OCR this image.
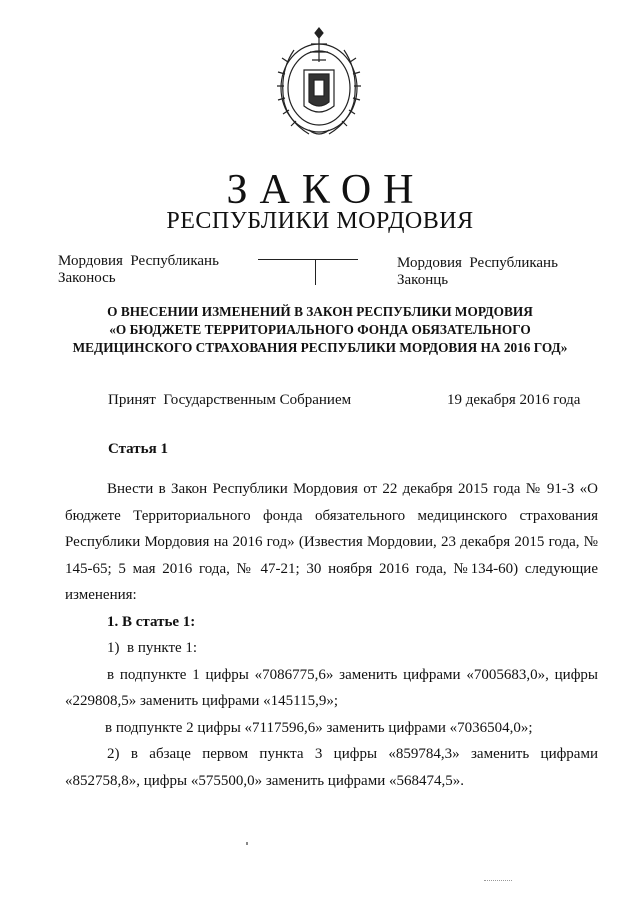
ЗАКОН
РЕСПУБЛИКИ МОРДОВИЯ
Мордовия  Республикань
Законось
Мордовия  Республикань
Законць
О ВНЕСЕНИИ ИЗМЕНЕНИЙ В ЗАКОН РЕСПУБЛИКИ МОРДОВИЯ
«О БЮДЖЕТЕ ТЕРРИТОРИАЛЬНОГО ФОНДА ОБЯЗАТЕЛЬНОГО
МЕДИЦИНСКОГО СТРАХОВАНИЯ РЕСПУБЛИКИ МОРДОВИЯ НА 2016 ГОД»
Принят  Государственным Собранием	19 декабря 2016 года
Статья 1

Внести в Закон Республики Мордовия от 22 декабря 2015 года № 91-З «О бюджете Территориального фонда обязательного медицинского страхования Республики Мордовия на 2016 год» (Известия Мордовии, 23 декабря 2015 года, № 145-65; 5 мая 2016 года, № 47-21; 30 ноября 2016 года, №134-60) следующие изменения:

1. В статье 1:

1)  в пункте 1:

в подпункте 1 цифры «7086775,6» заменить цифрами «7005683,0», цифры «229808,5» заменить цифрами «145115,9»;

в подпункте 2 цифры «7117596,6» заменить цифрами «7036504,0»;

2) в абзаце первом пункта 3 цифры «859784,3» заменить цифрами «852758,8», цифры «575500,0» заменить цифрами «568474,5».
